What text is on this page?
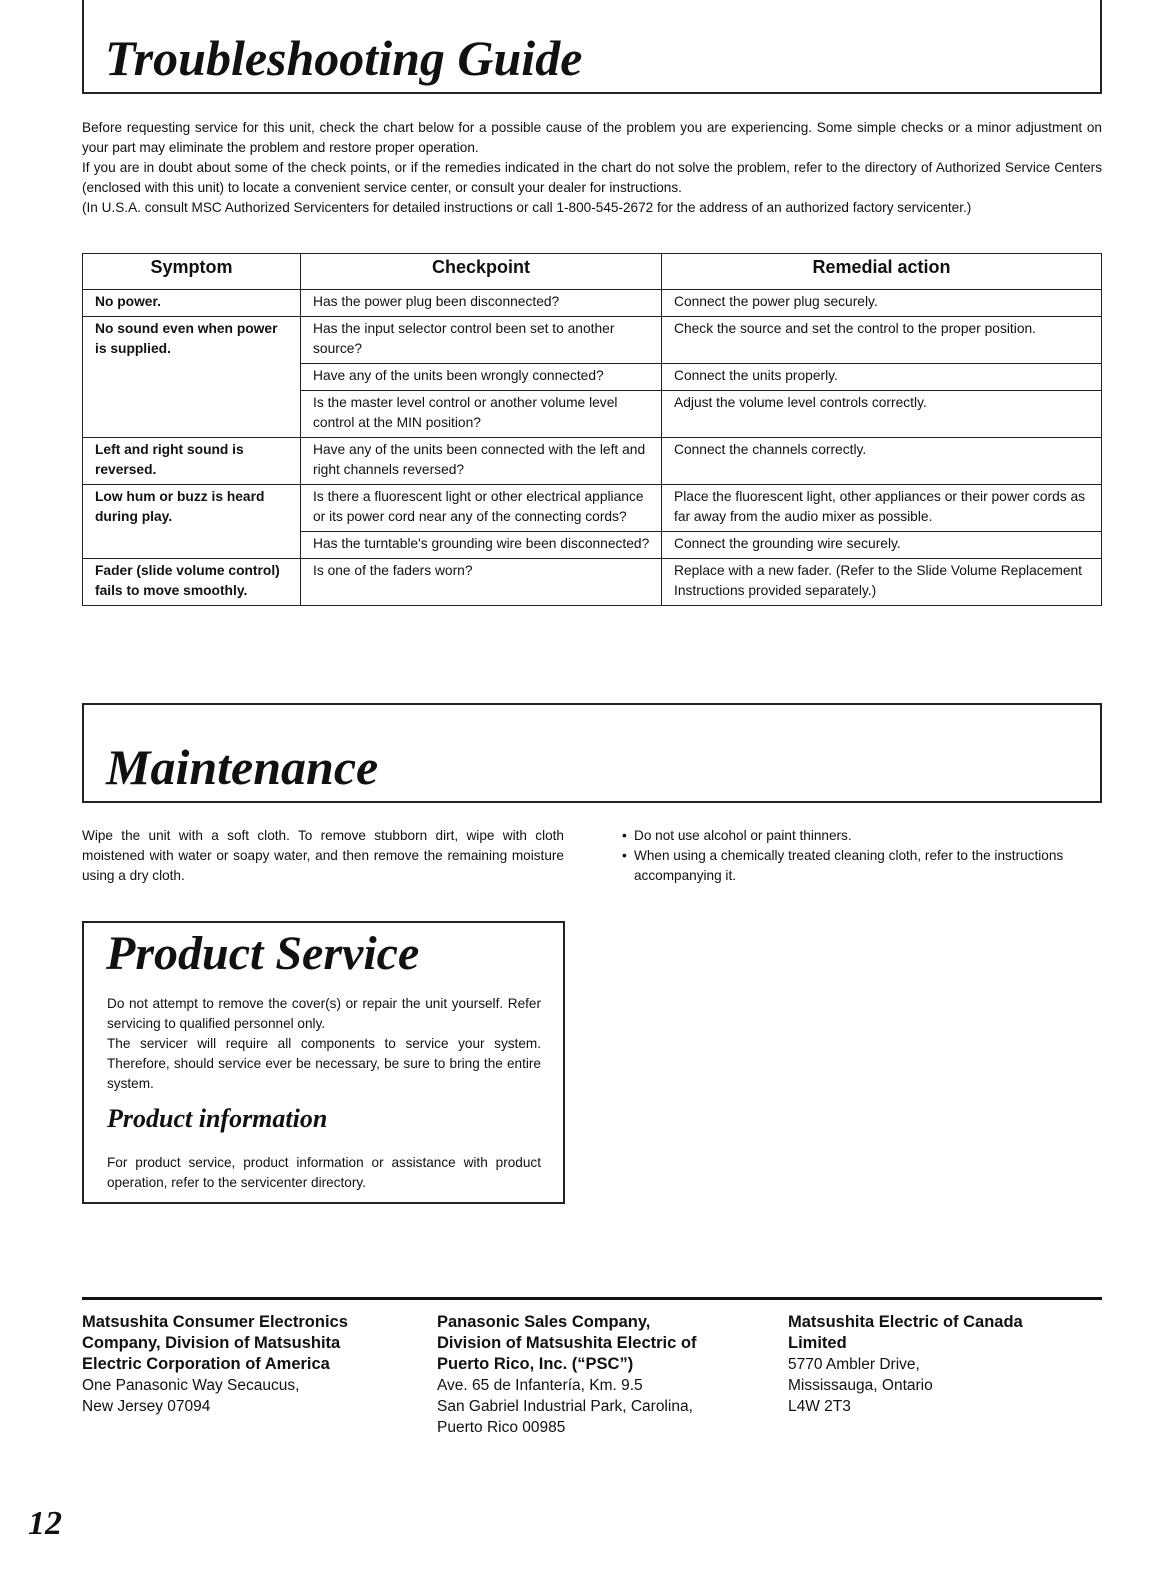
Troubleshooting Guide

Before requesting service for this unit, check the chart below for a possible cause of the problem you are experiencing. Some simple checks or a minor adjustment on your part may eliminate the problem and restore proper operation.

If you are in doubt about some of the check points, or if the remedies indicated in the chart do not solve the problem, refer to the directory of Authorized Service Centers (enclosed with this unit) to locate a convenient service center, or consult your dealer for instructions.

(In U.S.A. consult MSC Authorized Servicenters for detailed instructions or call 1-800-545-2672 for the address of an authorized factory servicenter.)

Symptom	Checkpoint	Remedial action
No power.	Has the power plug been disconnected?	Connect the power plug securely.
No sound even when power is supplied.	Has the input selector control been set to another source?	Check the source and set the control to the proper position.
	Have any of the units been wrongly connected?	Connect the units properly.
	Is the master level control or another volume level control at the MIN position?	Adjust the volume level controls correctly.
Left and right sound is reversed.	Have any of the units been connected with the left and right channels reversed?	Connect the channels correctly.
Low hum or buzz is heard during play.	Is there a fluorescent light or other electrical appliance or its power cord near any of the connecting cords?	Place the fluorescent light, other appliances or their power cords as far away from the audio mixer as possible.
	Has the turntable's grounding wire been disconnected?	Connect the grounding wire securely.
Fader (slide volume control) fails to move smoothly.	Is one of the faders worn?	Replace with a new fader. (Refer to the Slide Volume Replacement Instructions provided separately.)
Maintenance
Wipe the unit with a soft cloth. To remove stubborn dirt, wipe with cloth moistened with water or soapy water, and then remove the remaining moisture using a dry cloth.
• Do not use alcohol or paint thinners.

• When using a chemically treated cleaning cloth, refer to the instructions accompanying it.

Product Service

Do not attempt to remove the cover(s) or repair the unit yourself. Refer servicing to qualified personnel only.

The servicer will require all components to service your system. Therefore, should service ever be necessary, be sure to bring the entire system.

Product information
For product service, product information or assistance with product operation, refer to the servicenter directory.
Matsushita Consumer Electronics
Company, Division of Matsushita
Electric Corporation of America
One Panasonic Way Secaucus,
New Jersey 07094
Panasonic Sales Company,
Division of Matsushita Electric of
Puerto Rico, Inc. (“PSC”)
Ave. 65 de Infantería, Km. 9.5
San Gabriel Industrial Park, Carolina,
Puerto Rico 00985
Matsushita Electric of Canada
Limited
5770 Ambler Drive,
Mississauga, Ontario
L4W 2T3
12
